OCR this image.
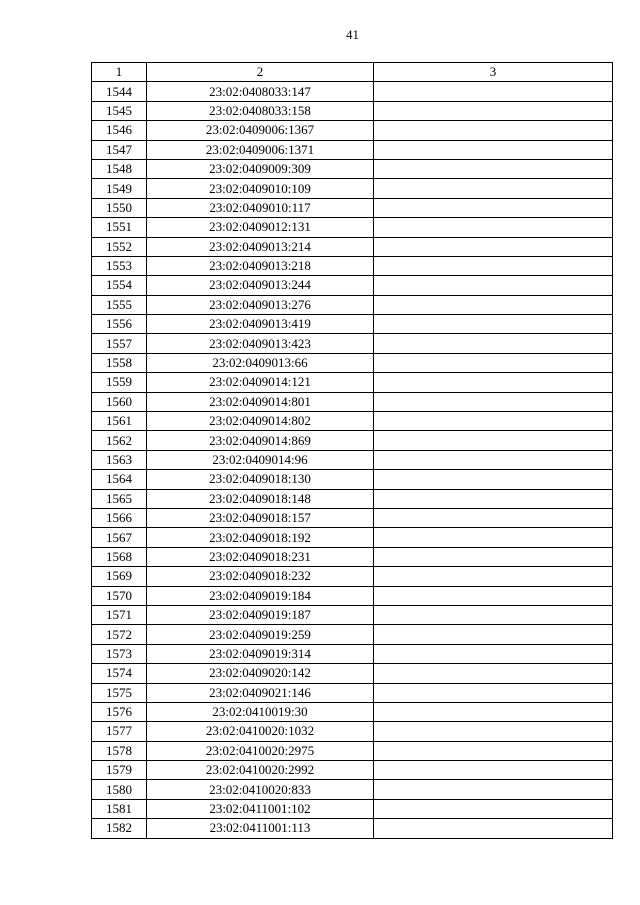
41
1	2	3
1544	23:02:0408033:147	
1545	23:02:0408033:158	
1546	23:02:0409006:1367	
1547	23:02:0409006:1371	
1548	23:02:0409009:309	
1549	23:02:0409010:109	
1550	23:02:0409010:117	
1551	23:02:0409012:131	
1552	23:02:0409013:214	
1553	23:02:0409013:218	
1554	23:02:0409013:244	
1555	23:02:0409013:276	
1556	23:02:0409013:419	
1557	23:02:0409013:423	
1558	23:02:0409013:66	
1559	23:02:0409014:121	
1560	23:02:0409014:801	
1561	23:02:0409014:802	
1562	23:02:0409014:869	
1563	23:02:0409014:96	
1564	23:02:0409018:130	
1565	23:02:0409018:148	
1566	23:02:0409018:157	
1567	23:02:0409018:192	
1568	23:02:0409018:231	
1569	23:02:0409018:232	
1570	23:02:0409019:184	
1571	23:02:0409019:187	
1572	23:02:0409019:259	
1573	23:02:0409019:314	
1574	23:02:0409020:142	
1575	23:02:0409021:146	
1576	23:02:0410019:30	
1577	23:02:0410020:1032	
1578	23:02:0410020:2975	
1579	23:02:0410020:2992	
1580	23:02:0410020:833	
1581	23:02:0411001:102	
1582	23:02:0411001:113	
